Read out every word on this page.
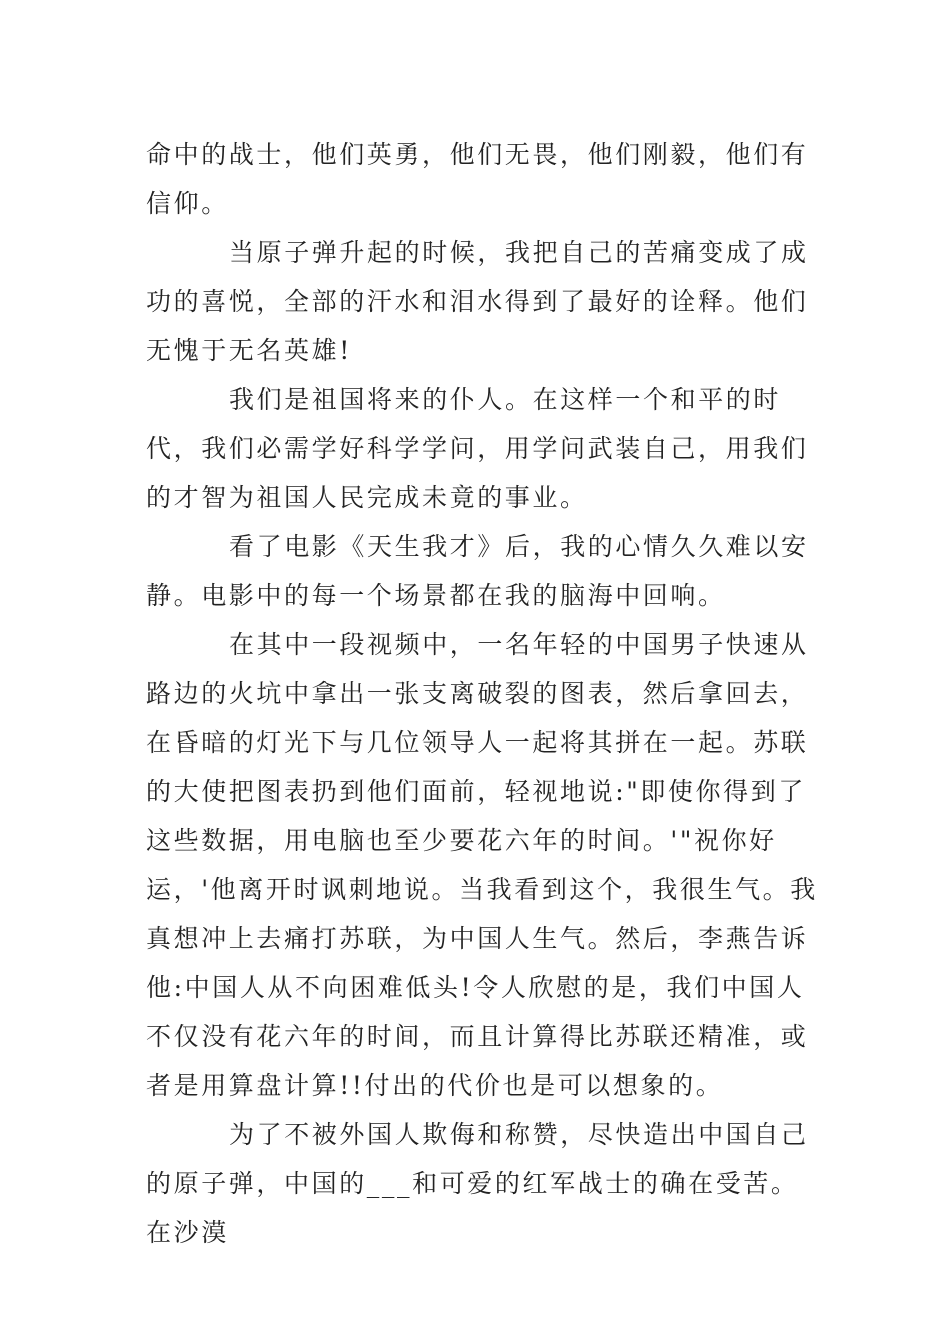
命中的战士，他们英勇，他们无畏，他们刚毅，他们有信仰。

当原子弹升起的时候，我把自己的苦痛变成了成功的喜悦，全部的汗水和泪水得到了最好的诠释。他们无愧于无名英雄!

我们是祖国将来的仆人。在这样一个和平的时代，我们必需学好科学学问，用学问武装自己，用我们的才智为祖国人民完成未竟的事业。

看了电影《天生我才》后，我的心情久久难以安静。电影中的每一个场景都在我的脑海中回响。

在其中一段视频中，一名年轻的中国男子快速从路边的火坑中拿出一张支离破裂的图表，然后拿回去，在昏暗的灯光下与几位领导人一起将其拼在一起。苏联的大使把图表扔到他们面前，轻视地说:"即使你得到了这些数据，用电脑也至少要花六年的时间。'"祝你好运，'他离开时讽刺地说。当我看到这个，我很生气。我真想冲上去痛打苏联，为中国人生气。然后，李燕告诉他:中国人从不向困难低头!令人欣慰的是，我们中国人不仅没有花六年的时间，而且计算得比苏联还精准，或者是用算盘计算!!付出的代价也是可以想象的。

为了不被外国人欺侮和称赞，尽快造出中国自己的原子弹，中国的___和可爱的红军战士的确在受苦。在沙漠
